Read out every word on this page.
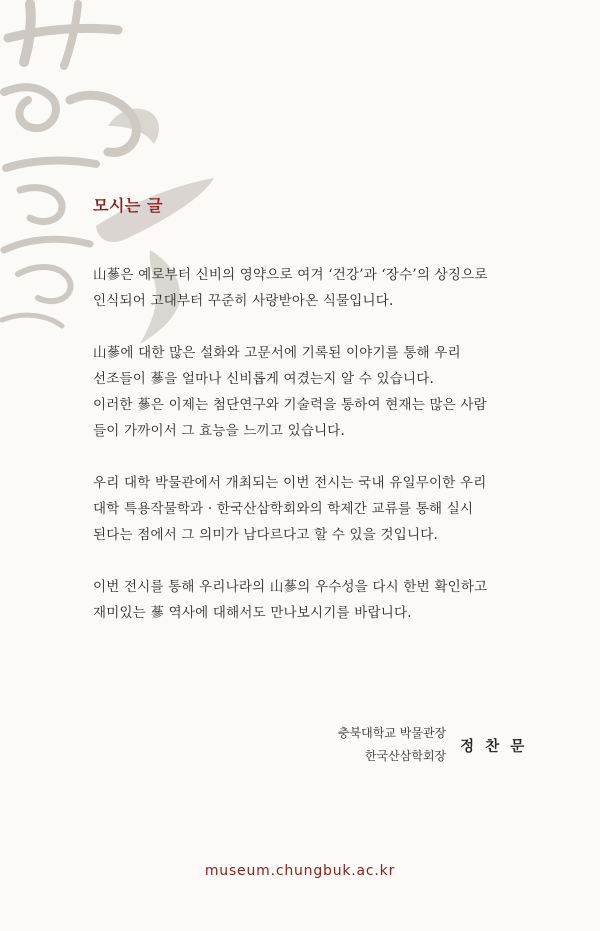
모시는 글

山蔘은 예로부터 신비의 영약으로 여겨 ‘건강’과 ‘장수’의 상징으로
인식되어 고대부터 꾸준히 사랑받아온 식물입니다.

山蔘에 대한 많은 설화와 고문서에 기록된 이야기를 통해 우리
선조들이 蔘을 얼마나 신비롭게 여겼는지 알 수 있습니다.
이러한 蔘은 이제는 첨단연구와 기술력을 통하여 현재는 많은 사람
들이 가까이서 그 효능을 느끼고 있습니다.

우리 대학 박물관에서 개최되는 이번 전시는 국내 유일무이한 우리
대학 특용작물학과 · 한국산삼학회와의 학제간 교류를 통해 실시
된다는 점에서 그 의미가 남다르다고 할 수 있을 것입니다.

이번 전시를 통해 우리나라의 山蔘의 우수성을 다시 한번 확인하고
재미있는 蔘 역사에 대해서도 만나보시기를 바랍니다.

충북대학교 박물관장
한국산삼학회장
정 찬 문
museum.chungbuk.ac.kr
